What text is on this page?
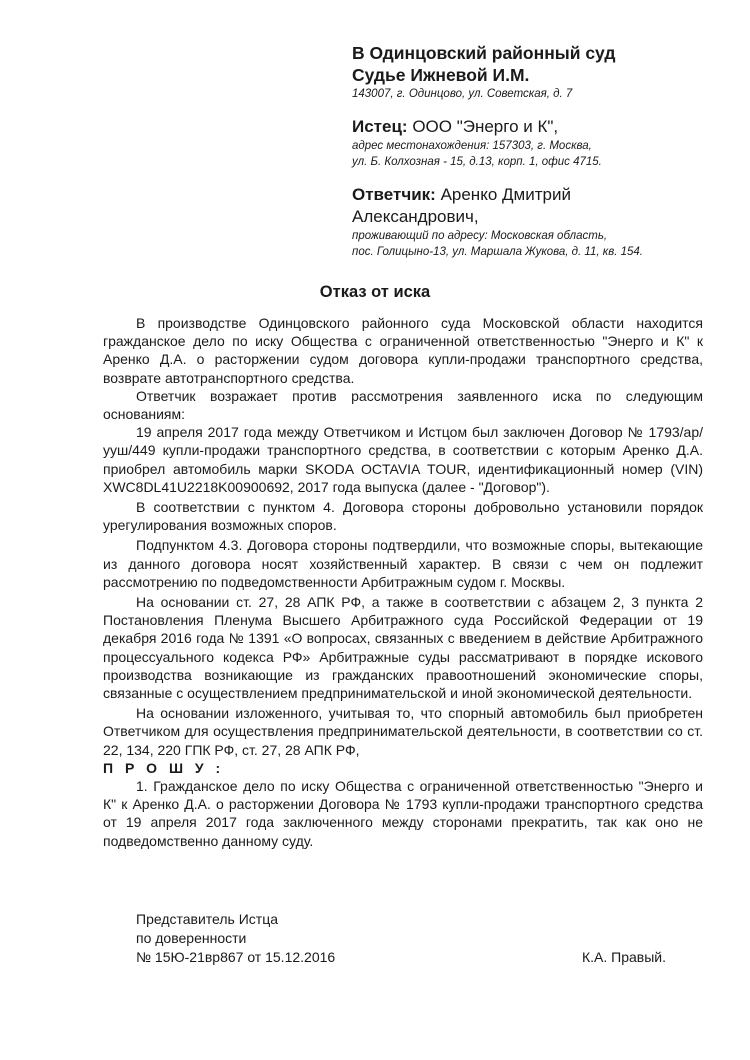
В Одинцовский районный суд
Судье Ижневой И.М.
143007, г. Одинцово, ул. Советская, д. 7
Истец: ООО "Энерго и К",
адрес местонахождения: 157303, г. Москва,
ул. Б. Колхозная - 15, д.13, корп. 1, офис 4715.
Ответчик: Аренко Дмитрий
Александрович,
проживающий по адресу: Московская область,
пос. Голицыно-13, ул. Маршала Жукова, д. 11, кв. 154.
Отказ от иска

В производстве Одинцовского районного суда Московской области находится гражданское дело по иску Общества с ограниченной ответственностью "Энерго и К" к Аренко Д.А. о расторжении судом договора купли-продажи транспортного средства, возврате автотранспортного средства.

Ответчик возражает против рассмотрения заявленного иска по следующим основаниям:

19 апреля 2017 года между Ответчиком и Истцом был заключен Договор № 1793/ар/ууш/449 купли-продажи транспортного средства, в соответствии с которым Аренко Д.А. приобрел автомобиль марки SKODA OCTAVIA TOUR, идентификационный номер (VIN) XWC8DL41U2218K00900692, 2017 года выпуска (далее - "Договор").

В соответствии с пунктом 4. Договора стороны добровольно установили порядок урегулирования возможных споров.

Подпунктом 4.3. Договора стороны подтвердили, что возможные споры, вытекающие из данного договора носят хозяйственный характер. В связи с чем он подлежит рассмотрению по подведомственности Арбитражным судом г. Москвы.

На основании ст. 27, 28 АПК РФ, а также в соответствии с абзацем 2, 3 пункта 2 Постановления Пленума Высшего Арбитражного суда Российской Федерации от 19 декабря 2016 года № 1391 «О вопросах, связанных с введением в действие Арбитражного процессуального кодекса РФ» Арбитражные суды рассматривают в порядке искового производства возникающие из гражданских правоотношений экономические споры, связанные с осуществлением предпринимательской и иной экономической деятельности.

На основании изложенного, учитывая то, что спорный автомобиль был приобретен Ответчиком для осуществления предпринимательской деятельности, в соответствии со ст. 22, 134, 220 ГПК РФ, ст. 27, 28 АПК РФ,

П Р О Ш У :

1. Гражданское дело по иску Общества с ограниченной ответственностью "Энерго и К" к Аренко Д.А. о расторжении Договора № 1793 купли-продажи транспортного средства от 19 апреля 2017 года заключенного между сторонами прекратить, так как оно не подведомственно данному суду.

Представитель Истца
по доверенности
№ 15Ю-21вр867 от 15.12.2016	К.А. Правый.
